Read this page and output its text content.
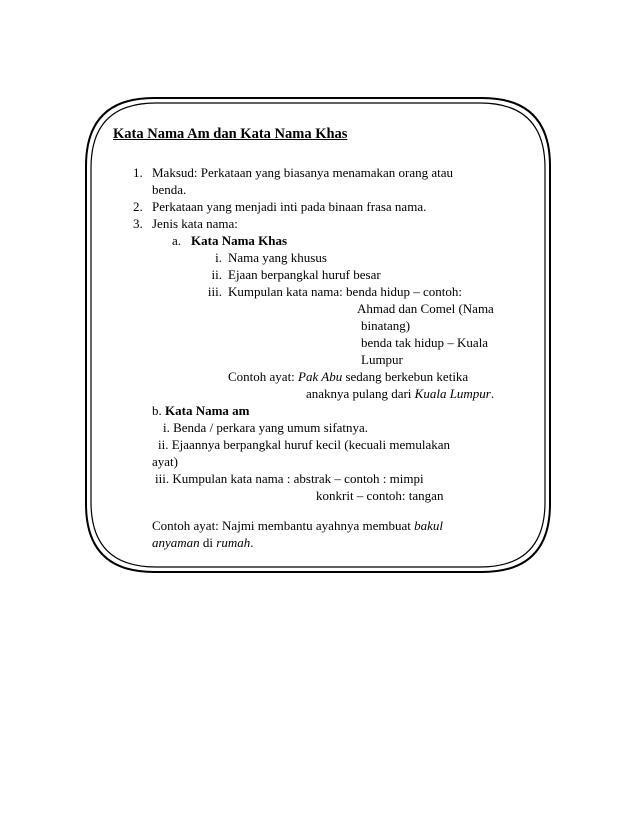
Kata Nama Am dan Kata Nama Khas
1. Maksud: Perkataan yang biasanya menamakan orang atau
benda.
2. Perkataan yang menjadi inti pada binaan frasa nama.
3. Jenis kata nama:
a. Kata Nama Khas
i. Nama yang khusus
ii. Ejaan berpangkal huruf besar
iii. Kumpulan kata nama: benda hidup – contoh:
Ahmad dan Comel (Nama
binatang)
benda tak hidup – Kuala
Lumpur
Contoh ayat: Pak Abu sedang berkebun ketika
anaknya pulang dari Kuala Lumpur.
b. Kata Nama am
i. Benda / perkara yang umum sifatnya.
ii. Ejaannya berpangkal huruf kecil (kecuali memulakan
ayat)
iii. Kumpulan kata nama : abstrak – contoh : mimpi
konkrit – contoh: tangan
Contoh ayat: Najmi membantu ayahnya membuat bakul
anyaman di rumah.
